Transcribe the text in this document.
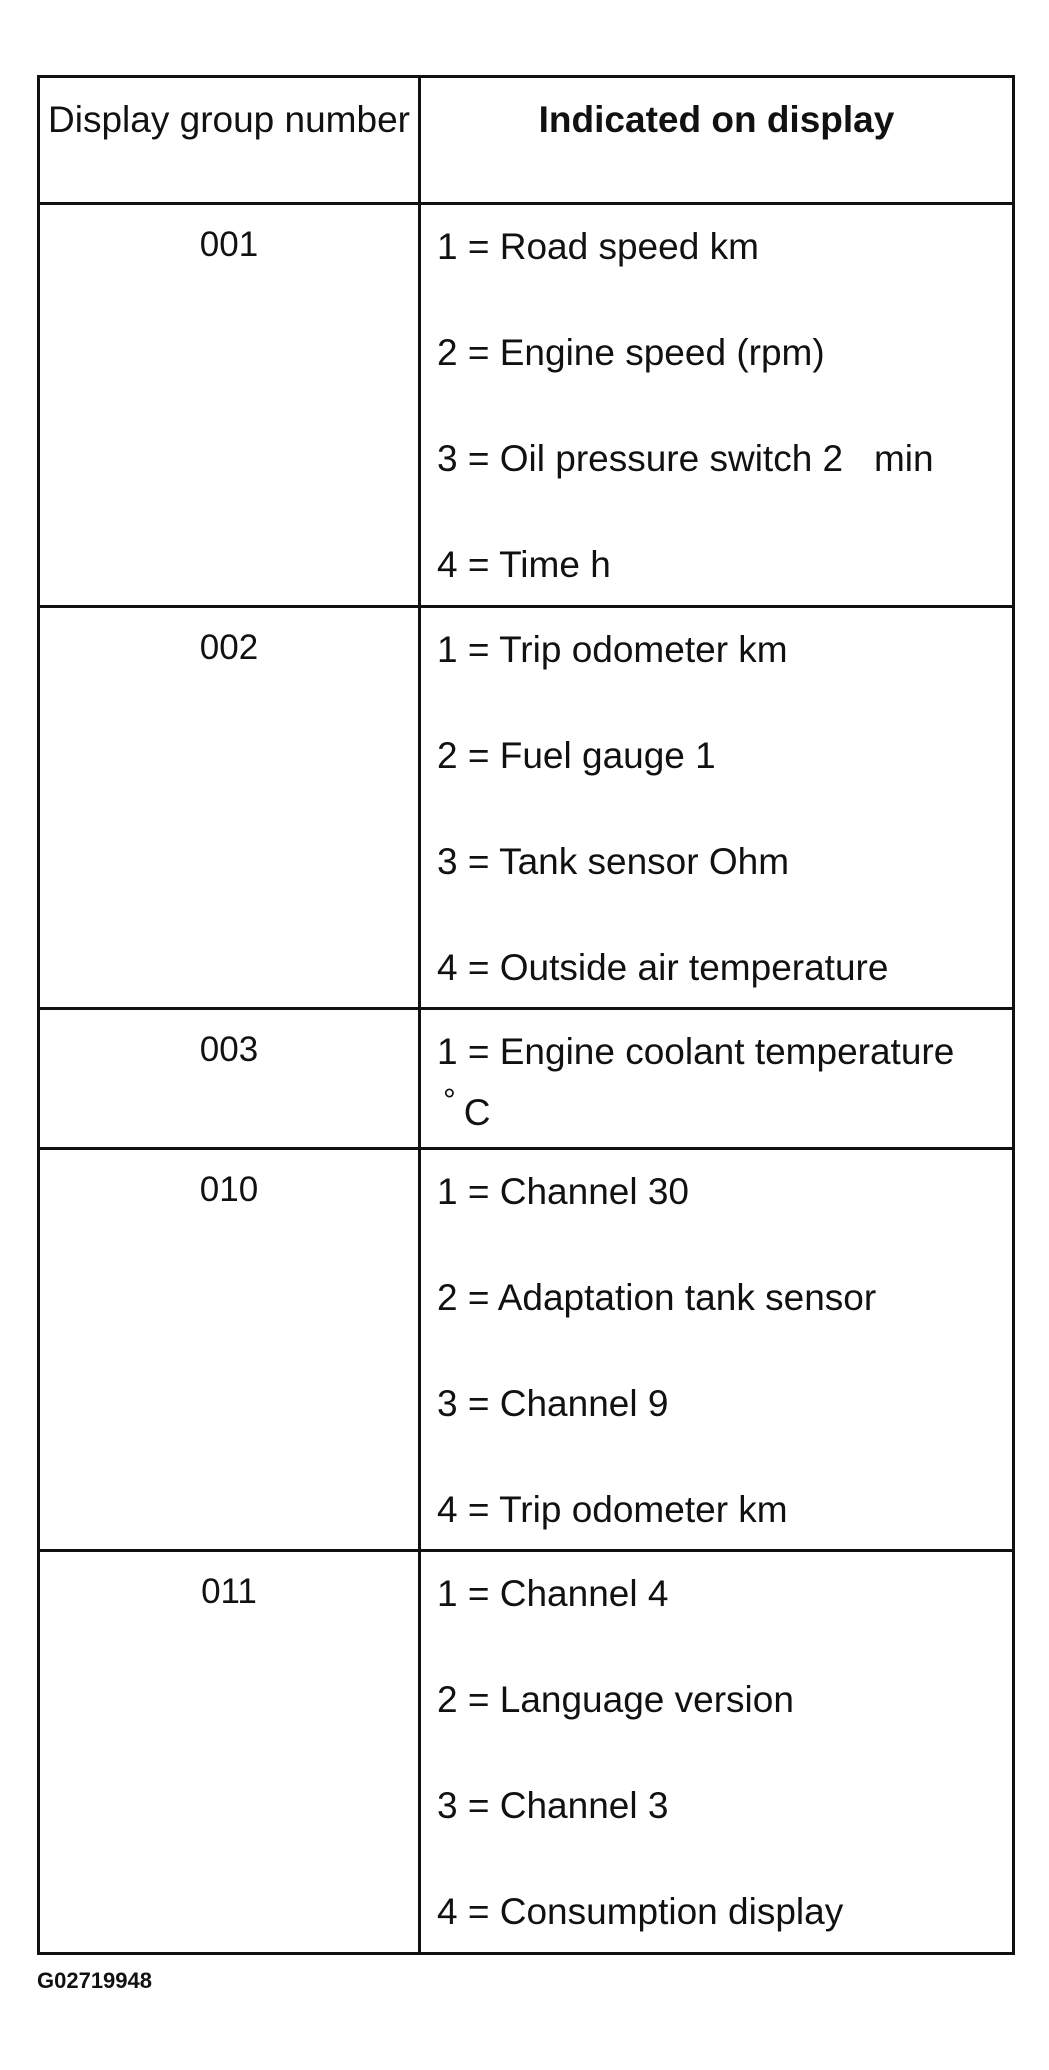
Display group number	Indicated on display
001	1 = Road speed km
2 = Engine speed (rpm)
3 = Oil pressure switch 2   min
4 = Time h

002	1 = Trip odometer km
2 = Fuel gauge 1
3 = Tank sensor Ohm
4 = Outside air temperature

003	1 = Engine coolant temperature
° C

010	1 = Channel 30
2 = Adaptation tank sensor
3 = Channel 9
4 = Trip odometer km

011	1 = Channel 4
2 = Language version
3 = Channel 3
4 = Consumption display
G02719948
